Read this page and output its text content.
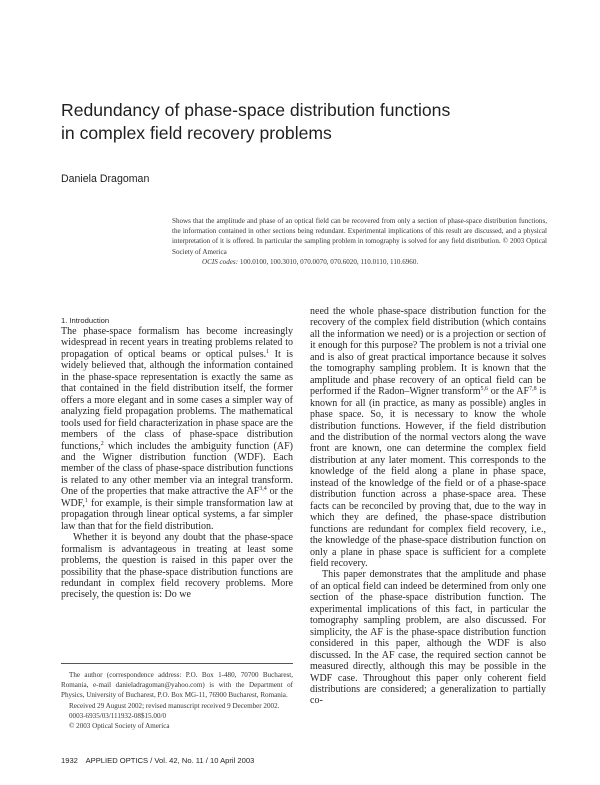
Redundancy of phase-space distribution functions
in complex field recovery problems

Daniela Dragoman

Shows that the amplitude and phase of an optical field can be recovered from only a section of phase-space distribution functions, the information contained in other sections being redundant. Experimental implications of this result are discussed, and a physical interpretation of it is offered. In particular the sampling problem in tomography is solved for any field distribution. © 2003 Optical Society of America
OCIS codes: 100.0100, 100.3010, 070.0070, 070.6020, 110.0110, 110.6960.

1. Introduction

The phase-space formalism has become increasingly widespread in recent years in treating problems related to propagation of optical beams or optical pulses.$^1$ It is widely believed that, although the information contained in the phase-space representation is exactly the same as that contained in the field distribution itself, the former offers a more elegant and in some cases a simpler way of analyzing field propagation problems. The mathematical tools used for field characterization in phase space are the members of the class of phase-space distribution functions,$^2$ which includes the ambiguity function (AF) and the Wigner distribution function (WDF). Each member of the class of phase-space distribution functions is related to any other member via an integral transform. One of the properties that make attractive the AF$^{3,4}$ or the WDF,$^1$ for example, is their simple transformation law at propagation through linear optical systems, a far simpler law than that for the field distribution.

Whether it is beyond any doubt that the phase-space formalism is advantageous in treating at least some problems, the question is raised in this paper over the possibility that the phase-space distribution functions are redundant in complex field recovery problems. More precisely, the question is: Do we

need the whole phase-space distribution function for the recovery of the complex field distribution (which contains all the information we need) or is a projection or section of it enough for this purpose? The problem is not a trivial one and is also of great practical importance because it solves the tomography sampling problem. It is known that the amplitude and phase recovery of an optical field can be performed if the Radon–Wigner transform$^{5,6}$ or the AF$^{7,8}$ is known for all (in practice, as many as possible) angles in phase space. So, it is necessary to know the whole distribution functions. However, if the field distribution and the distribution of the normal vectors along the wave front are known, one can determine the complex field distribution at any later moment. This corresponds to the knowledge of the field along a plane in phase space, instead of the knowledge of the field or of a phase-space distribution function across a phase-space area. These facts can be reconciled by proving that, due to the way in which they are defined, the phase-space distribution functions are redundant for complex field recovery, i.e., the knowledge of the phase-space distribution function on only a plane in phase space is sufficient for a complete field recovery.

This paper demonstrates that the amplitude and phase of an optical field can indeed be determined from only one section of the phase-space distribution function. The experimental implications of this fact, in particular the tomography sampling problem, are also discussed. For simplicity, the AF is the phase-space distribution function considered in this paper, although the WDF is also discussed. In the AF case, the required section cannot be measured directly, although this may be possible in the WDF case. Throughout this paper only coherent field distributions are considered; a generalization to partially co-

The author (correspondence address: P.O. Box 1-480, 70700 Bucharest, Romania, e-mail danieladragoman@yahoo.com) is with the Department of Physics, University of Bucharest, P.O. Box MG-11, 76900 Bucharest, Romania.

Received 29 August 2002; revised manuscript received 9 December 2002.

0003-6935/03/111932-08$15.00/0

© 2003 Optical Society of America

1932 APPLIED OPTICS / Vol. 42, No. 11 / 10 April 2003
